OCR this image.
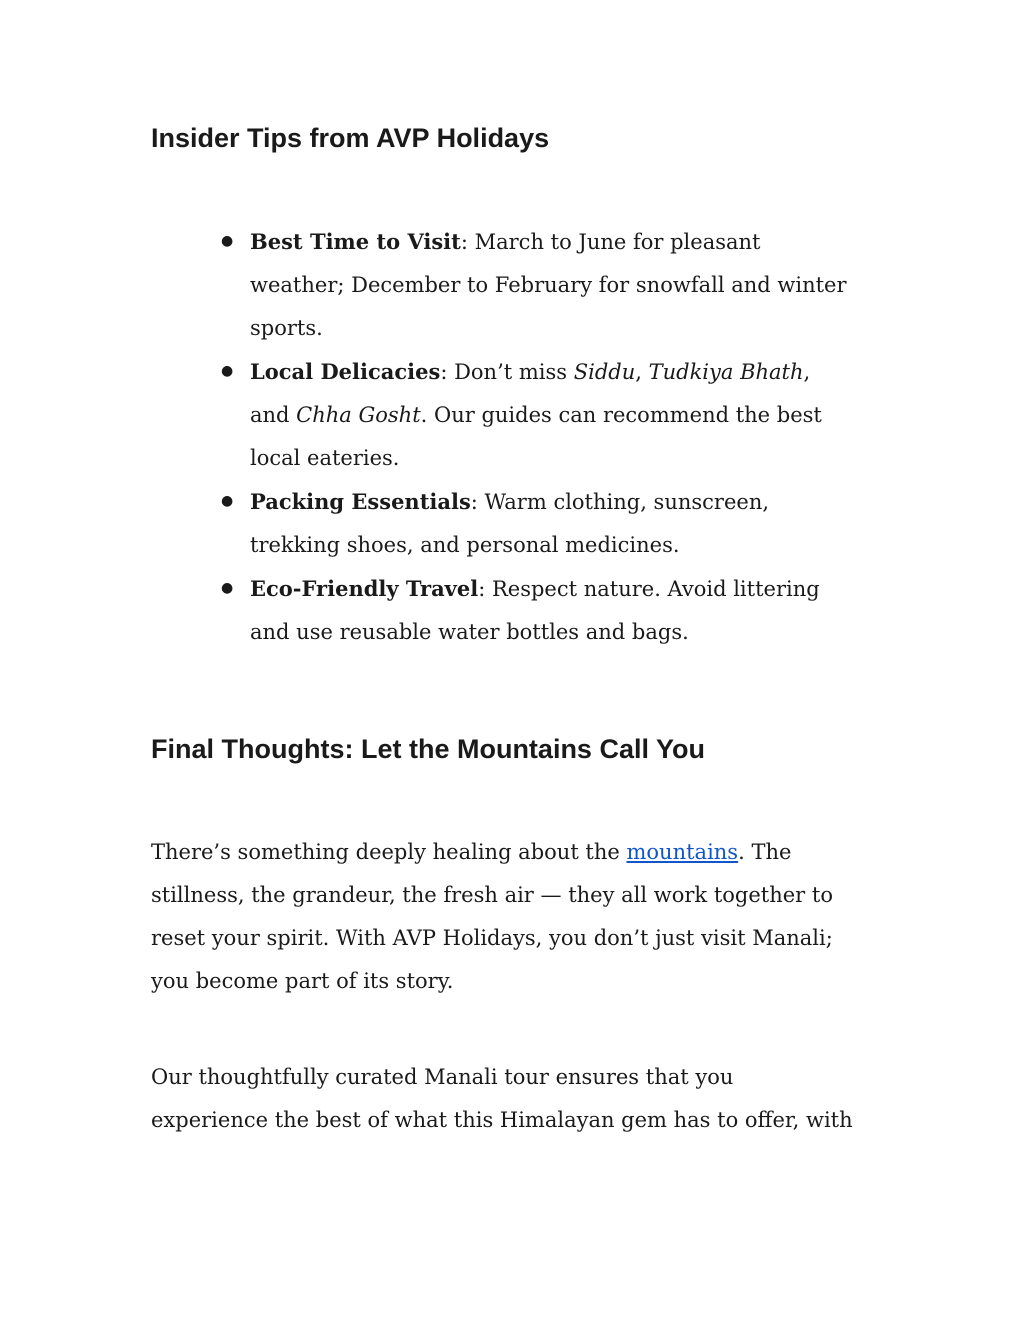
Insider Tips from AVP Holidays
● Best Time to Visit: March to June for pleasant
weather; December to February for snowfall and winter
sports.
● Local Delicacies: Don’t miss Siddu, Tudkiya Bhath,
and Chha Gosht. Our guides can recommend the best
local eateries.
● Packing Essentials: Warm clothing, sunscreen,
trekking shoes, and personal medicines.
● Eco-Friendly Travel: Respect nature. Avoid littering
and use reusable water bottles and bags.
Final Thoughts: Let the Mountains Call You

There’s something deeply healing about the mountains. The
stillness, the grandeur, the fresh air — they all work together to
reset your spirit. With AVP Holidays, you don’t just visit Manali;
you become part of its story.

Our thoughtfully curated Manali tour ensures that you
experience the best of what this Himalayan gem has to offer, with
